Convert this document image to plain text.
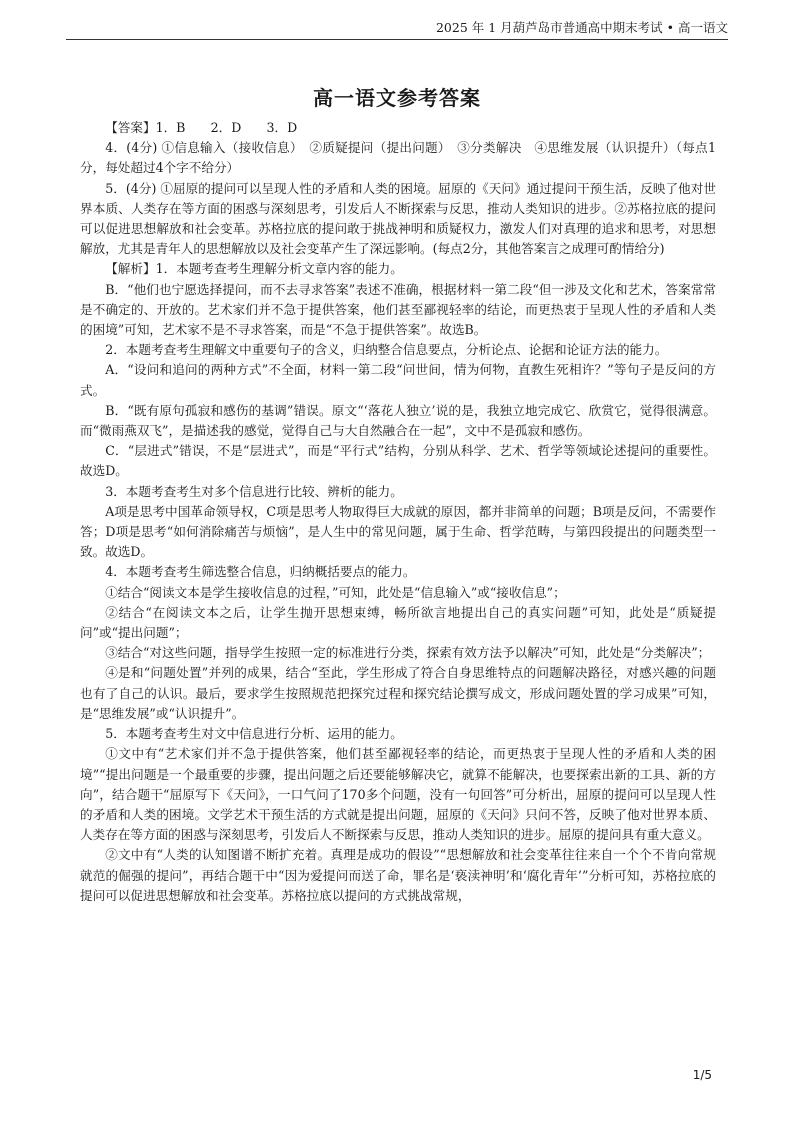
2025 年 1 月葫芦岛市普通高中期末考试 • 高一语文
高一语文参考答案

【答案】1．B　　2．D　　3．D

4．(4分) ①信息输入（接收信息）　②质疑提问（提出问题）　③分类解决　④思维发展（认识提升）（每点1分，每处超过4个字不给分）

5．(4分) ①屈原的提问可以呈现人性的矛盾和人类的困境。屈原的《天问》通过提问干预生活，反映了他对世界本质、人类存在等方面的困惑与深刻思考，引发后人不断探索与反思，推动人类知识的进步。②苏格拉底的提问可以促进思想解放和社会变革。苏格拉底的提问敢于挑战神明和质疑权力，激发人们对真理的追求和思考，对思想解放，尤其是青年人的思想解放以及社会变革产生了深远影响。(每点2分，其他答案言之成理可酌情给分)

【解析】1．本题考查考生理解分析文章内容的能力。

B．“他们也宁愿选择提问，而不去寻求答案”表述不准确，根据材料一第二段“但一涉及文化和艺术，答案常常是不确定的、开放的。艺术家们并不急于提供答案，他们甚至鄙视轻率的结论，而更热衷于呈现人性的矛盾和人类的困境”可知，艺术家不是不寻求答案，而是“不急于提供答案”。故选B。

2．本题考查考生理解文中重要句子的含义，归纳整合信息要点，分析论点、论据和论证方法的能力。

A．“设问和追问的两种方式”不全面，材料一第二段“问世间，情为何物，直教生死相许？”等句子是反问的方式。

B．“既有原句孤寂和感伤的基调”错误。原文“‘落花人独立’说的是，我独立地完成它、欣赏它，觉得很满意。而“微雨燕双飞”，是描述我的感觉，觉得自己与大自然融合在一起”，文中不是孤寂和感伤。

C．“层进式”错误，不是“层进式”，而是“平行式”结构，分别从科学、艺术、哲学等领域论述提问的重要性。故选D。

3．本题考查考生对多个信息进行比较、辨析的能力。

A项是思考中国革命领导权，C项是思考人物取得巨大成就的原因，都并非简单的问题；B项是反问，不需要作答；D项是思考“如何消除痛苦与烦恼”，是人生中的常见问题，属于生命、哲学范畴，与第四段提出的问题类型一致。故选D。

4．本题考查考生筛选整合信息，归纳概括要点的能力。

①结合“阅读文本是学生接收信息的过程，”可知，此处是“信息输入”或“接收信息”；

②结合“在阅读文本之后，让学生抛开思想束缚，畅所欲言地提出自己的真实问题”可知，此处是“质疑提问”或“提出问题”；

③结合“对这些问题，指导学生按照一定的标准进行分类，探索有效方法予以解决”可知，此处是“分类解决”；

④是和“问题处置”并列的成果，结合“至此，学生形成了符合自身思维特点的问题解决路径，对感兴趣的问题也有了自己的认识。最后，要求学生按照规范把探究过程和探究结论撰写成文，形成问题处置的学习成果”可知，是“思维发展”或“认识提升”。

5．本题考查考生对文中信息进行分析、运用的能力。

①文中有“艺术家们并不急于提供答案，他们甚至鄙视轻率的结论，而更热衷于呈现人性的矛盾和人类的困境”“提出问题是一个最重要的步骤，提出问题之后还要能够解决它，就算不能解决，也要探索出新的工具、新的方向”，结合题干“屈原写下《天问》，一口气问了170多个问题，没有一句回答”可分析出，屈原的提问可以呈现人性的矛盾和人类的困境。文学艺术干预生活的方式就是提出问题，屈原的《天问》只问不答，反映了他对世界本质、人类存在等方面的困惑与深刻思考，引发后人不断探索与反思，推动人类知识的进步。屈原的提问具有重大意义。

②文中有“人类的认知图谱不断扩充着。真理是成功的假设”“思想解放和社会变革往往来自一个个不肯向常规就范的倔强的提问”，再结合题干中“因为爱提问而送了命，罪名是‘亵渎神明’和‘腐化青年’”分析可知，苏格拉底的提问可以促进思想解放和社会变革。苏格拉底以提问的方式挑战常规，

1/5
